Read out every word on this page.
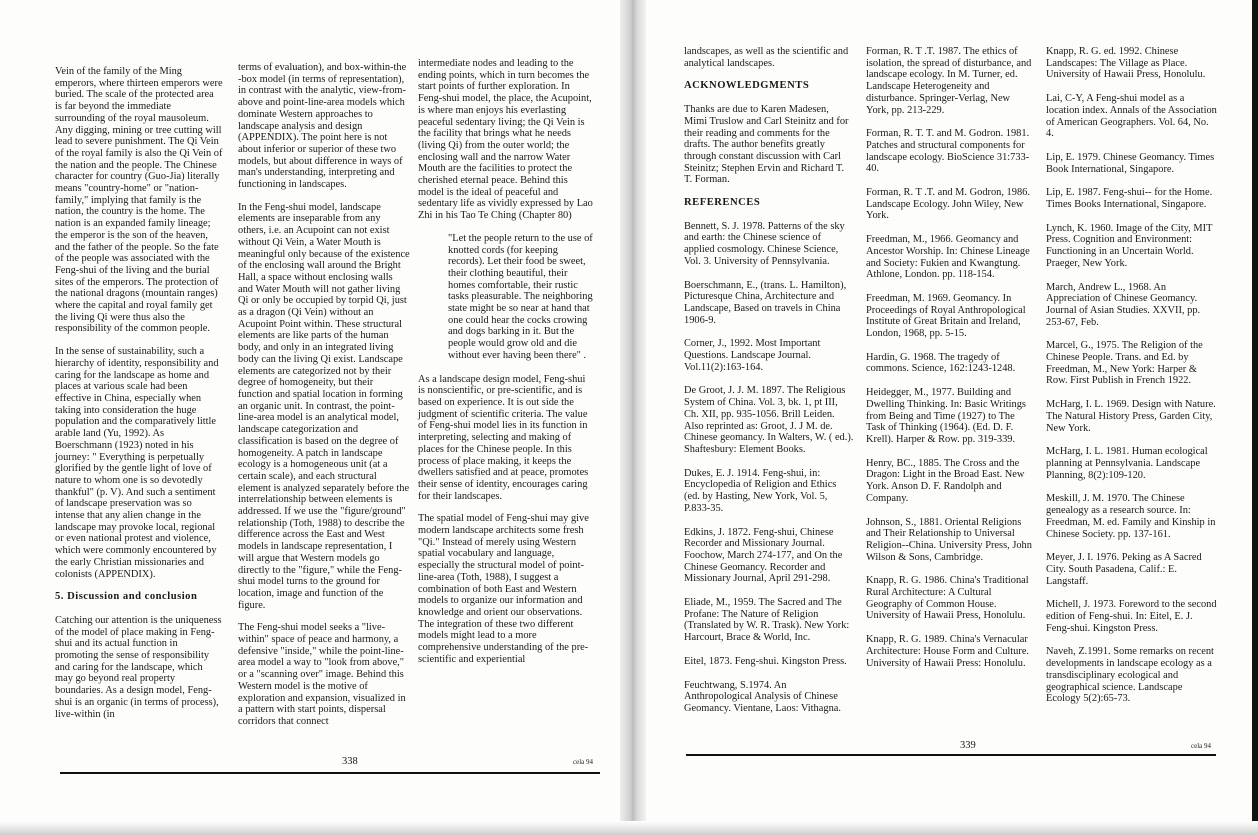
Vein of the family of the Ming emperors, where thirteen emperors were buried. The scale of the protected area is far beyond the immediate surrounding of the royal mausoleum. Any digging, mining or tree cutting will lead to severe punishment. The Qi Vein of the royal family is also the Qi Vein of the nation and the people. The Chinese character for country (Guo-Jia) literally means "country-home" or "nation-family," implying that family is the nation, the country is the home. The nation is an expanded family lineage; the emperor is the son of the heaven, and the father of the people. So the fate of the people was associated with the Feng-shui of the living and the burial sites of the emperors. The protection of the national dragons (mountain ranges) where the capital and royal family get the living Qi were thus also the responsibility of the common people.

In the sense of sustainability, such a hierarchy of identity, responsibility and caring for the landscape as home and places at various scale had been effective in China, especially when taking into consideration the huge population and the comparatively little arable land (Yu, 1992). As Boerschmann (1923) noted in his journey: " Everything is perpetually glorified by the gentle light of love of nature to whom one is so devotedly thankful" (p. V). And such a sentiment of landscape preservation was so intense that any alien change in the landscape may provoke local, regional or even national protest and violence, which were commonly encountered by the early Christian missionaries and colonists (APPENDIX).

5. Discussion and conclusion

Catching our attention is the uniqueness of the model of place making in Feng-shui and its actual function in promoting the sense of responsibility and caring for the landscape, which may go beyond real property boundaries. As a design model, Feng-shui is an organic (in terms of process), live-within (in

terms of evaluation), and box-within-the -box model (in terms of representation), in contrast with the analytic, view-from-above and point-line-area models which dominate Western approaches to landscape analysis and design (APPENDIX). The point here is not about inferior or superior of these two models, but about difference in ways of man's understanding, interpreting and functioning in landscapes.

In the Feng-shui model, landscape elements are inseparable from any others, i.e. an Acupoint can not exist without Qi Vein, a Water Mouth is meaningful only because of the existence of the enclosing wall around the Bright Hall, a space without enclosing walls and Water Mouth will not gather living Qi or only be occupied by torpid Qi, just as a dragon (Qi Vein) without an Acupoint Point within. These structural elements are like parts of the human body, and only in an integrated living body can the living Qi exist. Landscape elements are categorized not by their degree of homogeneity, but their function and spatial location in forming an organic unit. In contrast, the point-line-area model is an analytical model, landscape categorization and classification is based on the degree of homogeneity. A patch in landscape ecology is a homogeneous unit (at a certain scale), and each structural element is analyzed separately before the interrelationship between elements is addressed. If we use the "figure/ground" relationship (Toth, 1988) to describe the difference across the East and West models in landscape representation, I will argue that Western models go directly to the "figure," while the Feng-shui model turns to the ground for location, image and function of the figure.

The Feng-shui model seeks a "live-within" space of peace and harmony, a defensive "inside," while the point-line-area model a way to "look from above," or a "scanning over" image. Behind this Western model is the motive of exploration and expansion, visualized in a pattern with start points, dispersal corridors that connect

intermediate nodes and leading to the ending points, which in turn becomes the start points of further exploration. In Feng-shui model, the place, the Acupoint, is where man enjoys his everlasting peaceful sedentary living; the Qi Vein is the facility that brings what he needs (living Qi) from the outer world; the enclosing wall and the narrow Water Mouth are the facilities to protect the cherished eternal peace. Behind this model is the ideal of peaceful and sedentary life as vividly expressed by Lao Zhi in his Tao Te Ching (Chapter 80)

"Let the people return to the use of knotted cords (for keeping records). Let their food be sweet, their clothing beautiful, their homes comfortable, their rustic tasks pleasurable. The neighboring state might be so near at hand that one could hear the cocks crowing and dogs barking in it. But the people would grow old and die without ever having been there" .

As a landscape design model, Feng-shui is nonscientific, or pre-scientific, and is based on experience. It is out side the judgment of scientific criteria. The value of Feng-shui model lies in its function in interpreting, selecting and making of places for the Chinese people. In this process of place making, it keeps the dwellers satisfied and at peace, promotes their sense of identity, encourages caring for their landscapes.

The spatial model of Feng-shui may give modern landscape architects some fresh "Qi." Instead of merely using Western spatial vocabulary and language, especially the structural model of point-line-area (Toth, 1988), I suggest a combination of both East and Western models to organize our information and knowledge and orient our observations. The integration of these two different models might lead to a more comprehensive understanding of the pre-scientific and experiential

338	cela 94

landscapes, as well as the scientific and analytical landscapes.

ACKNOWLEDGMENTS

Thanks are due to Karen Madesen, Mimi Truslow and Carl Steinitz and for their reading and comments for the drafts. The author benefits greatly through constant discussion with Carl Steinitz; Stephen Ervin and Richard T. T. Forman.

REFERENCES
Bennett, S. J. 1978. Patterns of the sky and earth: the Chinese science of applied cosmology. Chinese Science, Vol. 3. University of Pennsylvania.
Boerschmann, E., (trans. L. Hamilton), Picturesque China, Architecture and Landscape, Based on travels in China 1906-9.
Corner, J., 1992. Most Important Questions. Landscape Journal. Vol.11(2):163-164.
De Groot, J. J. M. 1897. The Religious System of China. Vol. 3, bk. 1, pt III, Ch. XII, pp. 935-1056. Brill Leiden. Also reprinted as: Groot, J. J M. de. Chinese geomancy. In Walters, W. ( ed.). Shaftesbury: Element Books.
Dukes, E. J. 1914. Feng-shui, in: Encyclopedia of Religion and Ethics (ed. by Hasting, New York, Vol. 5, P.833-35.
Edkins, J. 1872. Feng-shui, Chinese Recorder and Missionary Journal. Foochow, March 274-177, and On the Chinese Geomancy. Recorder and Missionary Journal, April 291-298.
Eliade, M., 1959. The Sacred and The Profane: The Nature of Religion (Translated by W. R. Trask). New York: Harcourt, Brace & World, Inc.
Eitel, 1873. Feng-shui. Kingston Press.
Feuchtwang, S.1974. An Anthropological Analysis of Chinese Geomancy. Vientane, Laos: Vithagna.
Forman, R. T .T. 1987. The ethics of isolation, the spread of disturbance, and landscape ecology. In M. Turner, ed. Landscape Heterogeneity and disturbance. Springer-Verlag, New York, pp. 213-229.
Forman, R. T. T. and M. Godron. 1981. Patches and structural components for landscape ecology. BioScience 31:733-40.
Forman, R. T .T. and M. Godron, 1986. Landscape Ecology. John Wiley, New York.
Freedman, M., 1966. Geomancy and Ancestor Worship. In: Chinese Lineage and Society: Fukien and Kwangtung. Athlone, London. pp. 118-154.
Freedman, M. 1969. Geomancy. In Proceedings of Royal Anthropological Institute of Great Britain and Ireland, London, 1968, pp. 5-15.
Hardin, G. 1968. The tragedy of commons. Science, 162:1243-1248.
Heidegger, M., 1977. Building and Dwelling Thinking. In: Basic Writings from Being and Time (1927) to The Task of Thinking (1964). (Ed. D. F. Krell). Harper & Row. pp. 319-339.
Henry, BC., 1885. The Cross and the Dragon: Light in the Broad East. New York. Anson D. F. Randolph and Company.
Johnson, S., 1881. Oriental Religions and Their Relationship to Universal Religion--China. University Press, John Wilson & Sons, Cambridge.
Knapp, R. G. 1986. China's Traditional Rural Architecture: A Cultural Geography of Common House. University of Hawaii Press, Honolulu.
Knapp, R. G. 1989. China's Vernacular Architecture: House Form and Culture. University of Hawaii Press: Honolulu.
Knapp, R. G. ed. 1992. Chinese Landscapes: The Village as Place. University of Hawaii Press, Honolulu.
Lai, C-Y, A Feng-shui model as a location index. Annals of the Association of American Geographers. Vol. 64, No. 4.
Lip, E. 1979. Chinese Geomancy. Times Book International, Singapore.
Lip, E. 1987. Feng-shui-- for the Home. Times Books International, Singapore.
Lynch, K. 1960. Image of the City, MIT Press. Cognition and Environment: Functioning in an Uncertain World. Praeger, New York.
March, Andrew L., 1968. An Appreciation of Chinese Geomancy. Journal of Asian Studies. XXVII, pp. 253-67, Feb.
Marcel, G., 1975. The Religion of the Chinese People. Trans. and Ed. by Freedman, M., New York: Harper & Row. First Publish in French 1922.
McHarg, I. L. 1969. Design with Nature. The Natural History Press, Garden City, New York.
McHarg, I. L. 1981. Human ecological planning at Pennsylvania. Landscape Planning, 8(2):109-120.
Meskill, J. M. 1970. The Chinese genealogy as a research source. In: Freedman, M. ed. Family and Kinship in Chinese Society. pp. 137-161.
Meyer, J. I. 1976. Peking as A Sacred City. South Pasadena, Calif.: E. Langstaff.
Michell, J. 1973. Foreword to the second edition of Feng-shui. In: Eitel, E. J. Feng-shui. Kingston Press.
Naveh, Z.1991. Some remarks on recent developments in landscape ecology as a transdisciplinary ecological and geographical science. Landscape Ecology 5(2):65-73.
339	cela 94
